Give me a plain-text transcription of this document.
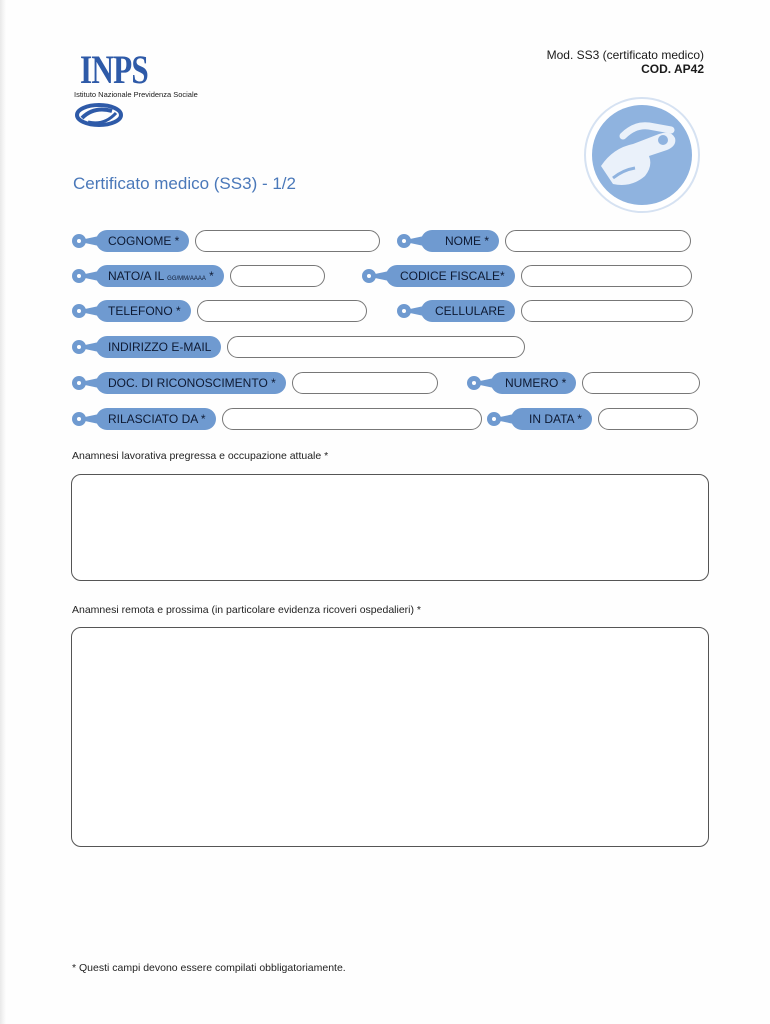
INPS
Istituto Nazionale Previdenza Sociale
Mod. SS3 (certificato medico)
COD. AP42
Certificato medico (SS3) - 1/2
COGNOME *	NOME *
NATO/A IL GG/MM/AAAA *	CODICE FISCALE*
TELEFONO *	CELLULARE
INDIRIZZO E-MAIL
DOC. DI RICONOSCIMENTO *	NUMERO *
RILASCIATO DA *	IN DATA *
Anamnesi lavorativa pregressa e occupazione attuale *
Anamnesi remota e prossima (in particolare evidenza ricoveri ospedalieri) *
* Questi campi devono essere compilati obbligatoriamente.
